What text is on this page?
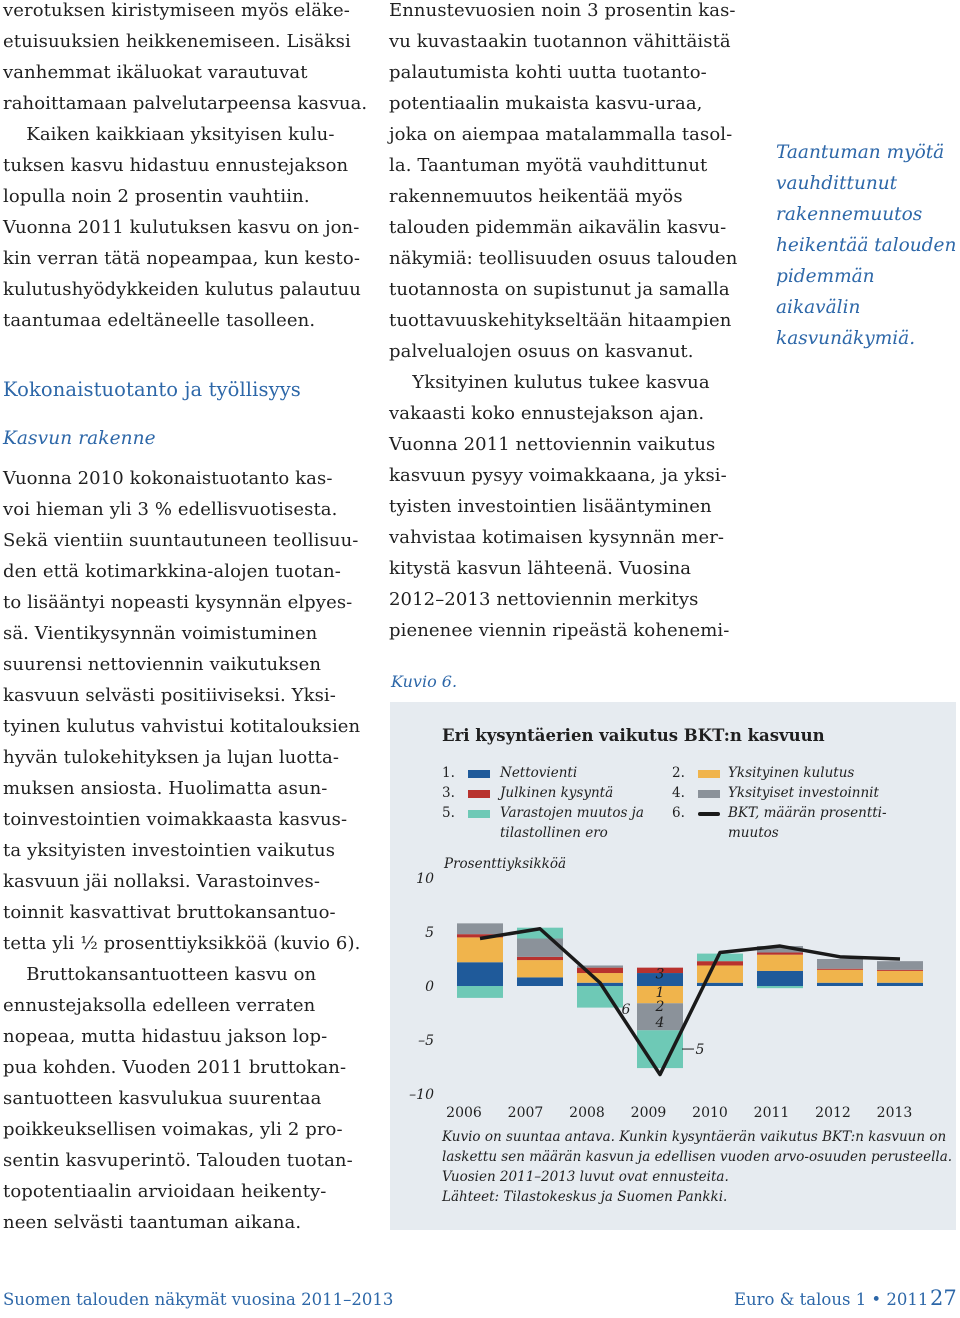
verotuksen kiristymiseen myös eläke-
etuisuuksien heikkenemiseen. Lisäksi
vanhemmat ikäluokat varautuvat
rahoittamaan palvelutarpeensa kasvua.
Kaiken kaikkiaan yksityisen kulu-
tuksen kasvu hidastuu ennustejakson
lopulla noin 2 prosentin vauhtiin.
Vuonna 2011 kulutuksen kasvu on jon-
kin verran tätä nopeampaa, kun kesto-
kulutushyödykkeiden kulutus palautuu
taantumaa edeltäneelle tasolleen.
Kokonaistuotanto ja työllisyys
Kasvun rakenne
Vuonna 2010 kokonaistuotanto kas-
voi hieman yli 3 % edellisvuotisesta.
Sekä vientiin suuntautuneen teollisuu-
den että kotimarkkina-alojen tuotan-
to lisääntyi nopeasti kysynnän elpyes-
sä. Vientikysynnän voimistuminen
suurensi nettoviennin vaikutuksen
kasvuun selvästi positiiviseksi. Yksi-
tyinen kulutus vahvistui kotitalouksien
hyvän tulokehityksen ja lujan luotta-
muksen ansiosta. Huolimatta asun-
toinvestointien voimakkaasta kasvus-
ta yksityisten investointien vaikutus
kasvuun jäi nollaksi. Varastoinves-
toinnit kasvattivat bruttokansantuo-
tetta yli ½ prosenttiyksikköä (kuvio 6).
Bruttokansantuotteen kasvu on
ennustejaksolla edelleen verraten
nopeaa, mutta hidastuu jakson lop-
pua kohden. Vuoden 2011 bruttokan-
santuotteen kasvulukua suurentaa
poikkeuksellisen voimakas, yli 2 pro-
sentin kasvuperintö. Talouden tuotan-
topotentiaalin arvioidaan heikenty-
neen selvästi taantuman aikana.
Ennustevuosien noin 3 prosentin kas-
vu kuvastaakin tuotannon vähittäistä
palautumista kohti uutta tuotanto-
potentiaalin mukaista kasvu-uraa,
joka on aiempaa matalammalla tasol-
la. Taantuman myötä vauhdittunut
rakennemuutos heikentää myös
talouden pidemmän aikavälin kasvu-
näkymiä: teollisuuden osuus talouden
tuotannosta on supistunut ja samalla
tuottavuuskehitykseltään hitaampien
palvelualojen osuus on kasvanut.
Yksityinen kulutus tukee kasvua
vakaasti koko ennustejakson ajan.
Vuonna 2011 nettoviennin vaikutus
kasvuun pysyy voimakkaana, ja yksi-
tyisten investointien lisääntyminen
vahvistaa kotimaisen kysynnän mer-
kitystä kasvun lähteenä. Vuosina
2012–2013 nettoviennin merkitys
pienenee viennin ripeästä kohenemi-
Taantuman myötä
vauhdittunut
rakennemuutos
heikentää talouden
pidemmän
aikavälin
kasvunäkymiä.
Kuvio 6.
Eri kysyntäerien vaikutus BKT:n kasvuun
1.	Nettovienti
3.	Julkinen kysyntä
5.	Varastojen muutos ja
tilastollinen ero
2.	Yksityinen kulutus
4.	Yksityiset investoinnit
6.	BKT, määrän prosentti-
muutos
Prosenttiyksikköä
10
5
0
–5
–10
3
1
2
4
6
5
2006 2007 2008 2009 2010 2011 2012 2013
Kuvio on suuntaa antava. Kunkin kysyntäerän vaikutus BKT:n kasvuun on
laskettu sen määrän kasvun ja edellisen vuoden arvo-osuuden perusteella.
Vuosien 2011–2013 luvut ovat ennusteita.
Lähteet: Tilastokeskus ja Suomen Pankki.
Suomen talouden näkymät vuosina 2011–2013	Euro & talous 1 • 2011 27
